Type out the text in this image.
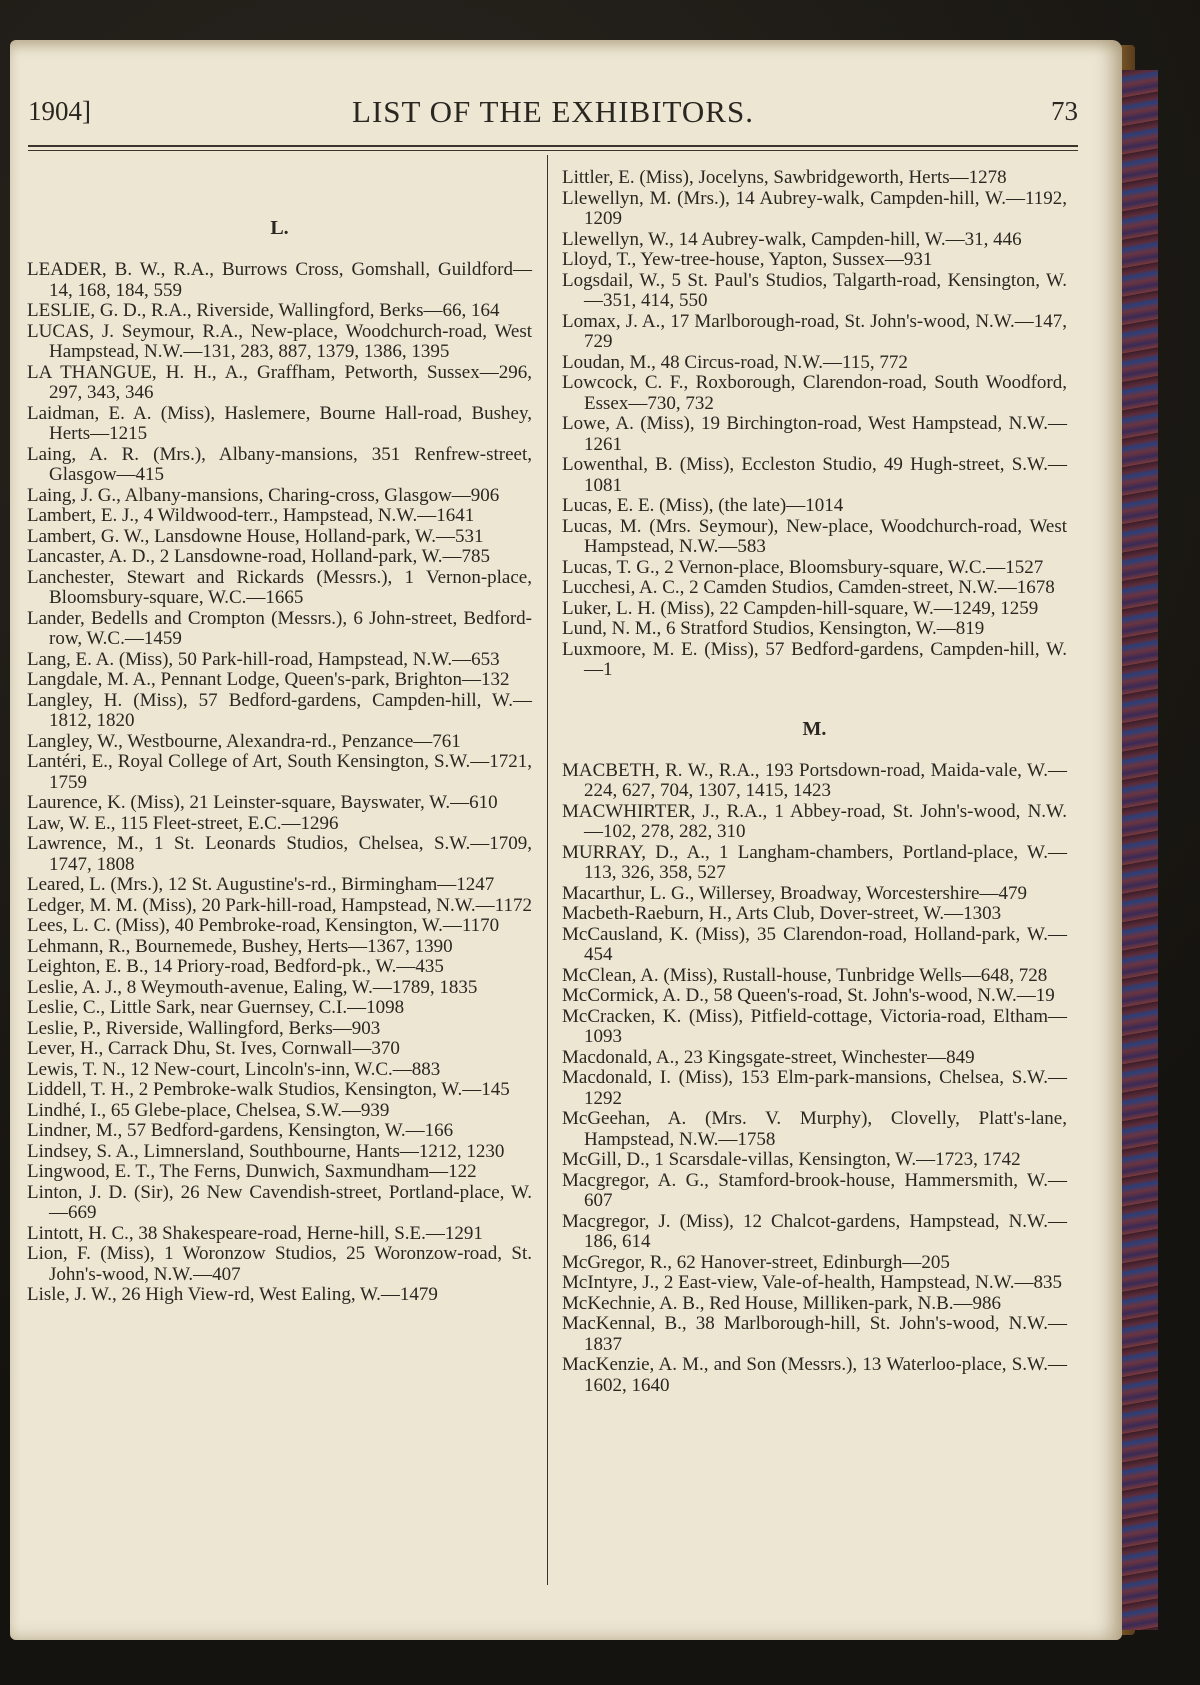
1904]	LIST OF THE EXHIBITORS.	73
L.

LEADER, B. W., R.A., Burrows Cross, Gomshall, Guildford—14, 168, 184, 559

LESLIE, G. D., R.A., Riverside, Wallingford, Berks—66, 164

LUCAS, J. Seymour, R.A., New-place, Woodchurch-road, West Hampstead, N.W.—131, 283, 887, 1379, 1386, 1395

LA THANGUE, H. H., A., Graffham, Petworth, Sussex—296, 297, 343, 346

Laidman, E. A. (Miss), Haslemere, Bourne Hall-road, Bushey, Herts—1215

Laing, A. R. (Mrs.), Albany-mansions, 351 Renfrew-street, Glasgow—415

Laing, J. G., Albany-mansions, Charing-cross, Glasgow—906

Lambert, E. J., 4 Wildwood-terr., Hampstead, N.W.—1641

Lambert, G. W., Lansdowne House, Holland-park, W.—531

Lancaster, A. D., 2 Lansdowne-road, Holland-park, W.—785

Lanchester, Stewart and Rickards (Messrs.), 1 Vernon-place, Bloomsbury-square, W.C.—1665

Lander, Bedells and Crompton (Messrs.), 6 John-street, Bedford-row, W.C.—1459

Lang, E. A. (Miss), 50 Park-hill-road, Hampstead, N.W.—653

Langdale, M. A., Pennant Lodge, Queen's-park, Brighton—132

Langley, H. (Miss), 57 Bedford-gardens, Campden-hill, W.—1812, 1820

Langley, W., Westbourne, Alexandra-rd., Penzance—761

Lantéri, E., Royal College of Art, South Kensington, S.W.—1721, 1759

Laurence, K. (Miss), 21 Leinster-square, Bayswater, W.—610

Law, W. E., 115 Fleet-street, E.C.—1296

Lawrence, M., 1 St. Leonards Studios, Chelsea, S.W.—1709, 1747, 1808

Leared, L. (Mrs.), 12 St. Augustine's-rd., Birmingham—1247

Ledger, M. M. (Miss), 20 Park-hill-road, Hampstead, N.W.—1172

Lees, L. C. (Miss), 40 Pembroke-road, Kensington, W.—1170

Lehmann, R., Bournemede, Bushey, Herts—1367, 1390

Leighton, E. B., 14 Priory-road, Bedford-pk., W.—435

Leslie, A. J., 8 Weymouth-avenue, Ealing, W.—1789, 1835

Leslie, C., Little Sark, near Guernsey, C.I.—1098

Leslie, P., Riverside, Wallingford, Berks—903

Lever, H., Carrack Dhu, St. Ives, Cornwall—370

Lewis, T. N., 12 New-court, Lincoln's-inn, W.C.—883

Liddell, T. H., 2 Pembroke-walk Studios, Kensington, W.—145

Lindhé, I., 65 Glebe-place, Chelsea, S.W.—939

Lindner, M., 57 Bedford-gardens, Kensington, W.—166

Lindsey, S. A., Limnersland, Southbourne, Hants—1212, 1230

Lingwood, E. T., The Ferns, Dunwich, Saxmundham—122

Linton, J. D. (Sir), 26 New Cavendish-street, Portland-place, W.—669

Lintott, H. C., 38 Shakespeare-road, Herne-hill, S.E.—1291

Lion, F. (Miss), 1 Woronzow Studios, 25 Woronzow-road, St. John's-wood, N.W.—407

Lisle, J. W., 26 High View-rd, West Ealing, W.—1479

Littler, E. (Miss), Jocelyns, Sawbridgeworth, Herts—1278

Llewellyn, M. (Mrs.), 14 Aubrey-walk, Campden-hill, W.—1192, 1209

Llewellyn, W., 14 Aubrey-walk, Campden-hill, W.—31, 446

Lloyd, T., Yew-tree-house, Yapton, Sussex—931

Logsdail, W., 5 St. Paul's Studios, Talgarth-road, Kensington, W.—351, 414, 550

Lomax, J. A., 17 Marlborough-road, St. John's-wood, N.W.—147, 729

Loudan, M., 48 Circus-road, N.W.—115, 772

Lowcock, C. F., Roxborough, Clarendon-road, South Woodford, Essex—730, 732

Lowe, A. (Miss), 19 Birchington-road, West Hampstead, N.W.—1261

Lowenthal, B. (Miss), Eccleston Studio, 49 Hugh-street, S.W.—1081

Lucas, E. E. (Miss), (the late)—1014

Lucas, M. (Mrs. Seymour), New-place, Woodchurch-road, West Hampstead, N.W.—583

Lucas, T. G., 2 Vernon-place, Bloomsbury-square, W.C.—1527

Lucchesi, A. C., 2 Camden Studios, Camden-street, N.W.—1678

Luker, L. H. (Miss), 22 Campden-hill-square, W.—1249, 1259

Lund, N. M., 6 Stratford Studios, Kensington, W.—819

Luxmoore, M. E. (Miss), 57 Bedford-gardens, Campden-hill, W.—1

M.

MACBETH, R. W., R.A., 193 Portsdown-road, Maida-vale, W.—224, 627, 704, 1307, 1415, 1423

MACWHIRTER, J., R.A., 1 Abbey-road, St. John's-wood, N.W.—102, 278, 282, 310

MURRAY, D., A., 1 Langham-chambers, Portland-place, W.—113, 326, 358, 527

Macarthur, L. G., Willersey, Broadway, Worcestershire—479

Macbeth-Raeburn, H., Arts Club, Dover-street, W.—1303

McCausland, K. (Miss), 35 Clarendon-road, Holland-park, W.—454

McClean, A. (Miss), Rustall-house, Tunbridge Wells—648, 728

McCormick, A. D., 58 Queen's-road, St. John's-wood, N.W.—19

McCracken, K. (Miss), Pitfield-cottage, Victoria-road, Eltham—1093

Macdonald, A., 23 Kingsgate-street, Winchester—849

Macdonald, I. (Miss), 153 Elm-park-mansions, Chelsea, S.W.—1292

McGeehan, A. (Mrs. V. Murphy), Clovelly, Platt's-lane, Hampstead, N.W.—1758

McGill, D., 1 Scarsdale-villas, Kensington, W.—1723, 1742

Macgregor, A. G., Stamford-brook-house, Hammersmith, W.—607

Macgregor, J. (Miss), 12 Chalcot-gardens, Hampstead, N.W.—186, 614

McGregor, R., 62 Hanover-street, Edinburgh—205

McIntyre, J., 2 East-view, Vale-of-health, Hampstead, N.W.—835

McKechnie, A. B., Red House, Milliken-park, N.B.—986

MacKennal, B., 38 Marlborough-hill, St. John's-wood, N.W.—1837

MacKenzie, A. M., and Son (Messrs.), 13 Waterloo-place, S.W.—1602, 1640
